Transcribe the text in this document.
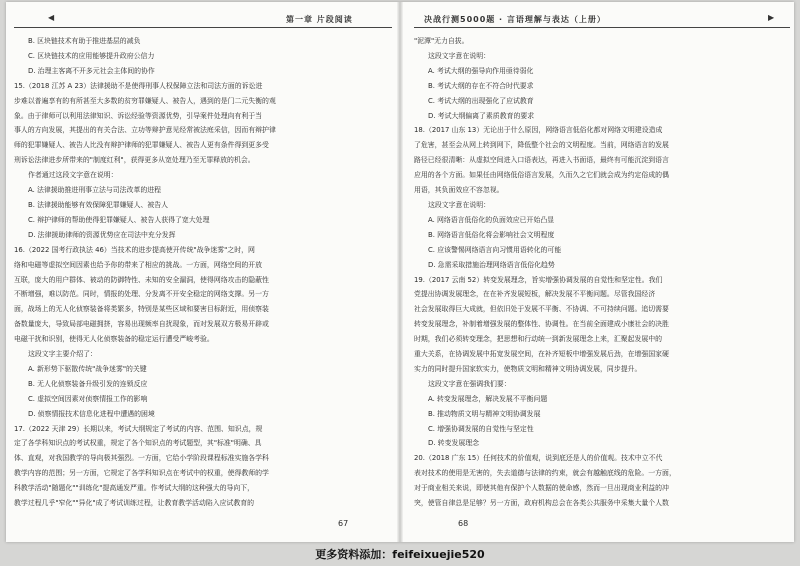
◀	第一章 片段阅读

B. 区块链技术有助于推进基层的减负

C. 区块链技术的应用能够提升政府公信力

D. 治理主客离不开多元社会主体间的协作

15.（2018 江苏 A 23）法律援助不是使得刑事人权保障立法和司法方面的诉讼进

步难以普遍享有的有所甚至大多数的贫穷罪嫌疑人、被告人，遇到的是门二元失衡的观

象。由于律师可以利用法律知识、诉讼经验等资源优势，引导案件处理向有利于当

事人的方向发展，其提出的有关合法、立功等辩护意见经常被法庭采信，因而有辩护律

师的犯罪嫌疑人、被告人比没有辩护律师的犯罪嫌疑人、被告人更有条件得到更多受

刑诉讼法律进步所带来的"制度红利"，获得更多从宽处理乃至无罪释放的机会。

作者通过这段文字意在说明：

A. 法律援助推进刑事立法与司法改革的进程

B. 法律援助能够有效保障犯罪嫌疑人、被告人

C. 辩护律师的帮助使得犯罪嫌疑人、被告人获得了宽大处理

D. 法律援助律师的资源优势应在司法中充分发挥

16.（2022 国考行政执法 46）当技术的进步提高使开传统"战争迷雾"之时，网

络和电磁等虚拟空间因素也给予你的带来了相应的挑战。一方面，网络空间的开放

互联，庞大的用户群体、被动的防御特性、未知的安全漏洞，使得网络攻击的隐蔽性

不断增强，难以防范。同时，情报的处理、分发离不开安全稳定的网络支撑。另一方

面，战场上的无人化侦察装备将类繁多，特别是某些区域和要害目标附近，用侦察装

备数量庞大，导致局部电磁拥挤，容易出现频率自扰现象，而对发展双方极易开辟或

电磁干扰和识别，使得无人化侦察装备的稳定运行遭受严峻考验。

这段文字主要介绍了：

A. 新形势下驱散传统"战争迷雾"的关键

B. 无人化侦察装备升级引发的连锁反应

C. 虚拟空间因素对侦察情报工作的影响

D. 侦察情报技术信息化进程中遭遇的困境

17.（2022 天津 29）长期以来，考试大纲规定了考试的内容、范围、知识点，规

定了各学科知识点的考试权重，规定了各个知识点的考试题型，其"标准"明确、具

体、直观，对我国教学的导向极其强烈。一方面，它给小学阶段课程标准实施各学科

教学内容的范围；另一方面，它规定了各学科知识点在考试中的权重，使得教师的学

科教学活动"随题化""训练化"提高通发严重。作考试大纲的这种强大的导向下，

教学过程几乎"窄化""异化"成了考试训练过程，让教育教学活动陷入应试教育的

67
决战行测5000题 · 言语理解与表达（上册）	▶

"泥潭"无力自拔。

这段文字意在说明：

A. 考试大纲的强导向作用亟待弱化

B. 考试大纲的存在不符合时代要求

C. 考试大纲的出现强化了应试教育

D. 考试大纲偏离了素质教育的要求

18.（2017 山东 13）无论出于什么原因，网络语言低俗化都对网络文明建设造成

了危害，甚至会从网上转到网下，降低整个社会的文明程度。当前，网络语言的发展

路径已经很清晰：从虚拟空间进入口语表达，再进入书面语，最终有可能沉淀到语言

应用的各个方面。如果任由网络低俗语言发展，久而久之它们就会成为约定俗成的偶

用语，其负面效应不容忽视。

这段文字意在说明：

A. 网络语言低俗化的负面效应已开始凸显

B. 网络语言低俗化将会影响社会文明程度

C. 应该警惕网络语言向习惯用语转化的可能

D. 急需采取措施治理网络语言低俗化趋势

19.（2017 云南 52）转变发展理念，旨实增强协调发展的自觉性和坚定性。我们

党提出协调发展理念，在在补齐发展短板，解决发展不平衡问题。尽管我国经济

社会发展取得巨大成就，但依旧处于发展不平衡、不协调、不可持续问题。追切需要

转变发展理念，补制着增强发展的整体性、协调性。在当前全面建成小康社会的决胜

时期，我们必须转变理念，把思想和行动统一到新发展理念上来，汇聚起发展中的

重大关系，在协调发展中拓宽发展空间，在补齐短板中增强发展后劲，在增强国家硬

实力的同时提升国家软实力，使物质文明和精神文明协调发展，同步提升。

这段文字意在强调我们要：

A. 转变发展理念，解决发展不平衡问题

B. 推动物质文明与精神文明协调发展

C. 增强协调发展的自觉性与坚定性

D. 转变发展理念

20.（2018 广东 15）任何技术的价值观，说到底还是人的价值观。技术中立不代

表对技术的使用是无害的，失去道德与法律的约束，就会有越触底线的危险。一方面，

对于商业相关来说，即使其他有保护个人数据的使命感，然而一旦出现商业利益的冲

突，使管自律总是足够？另一方面，政府机构总会在各类公共服务中采集大量个人数

68
更多资料添加：feifeixuejie520
